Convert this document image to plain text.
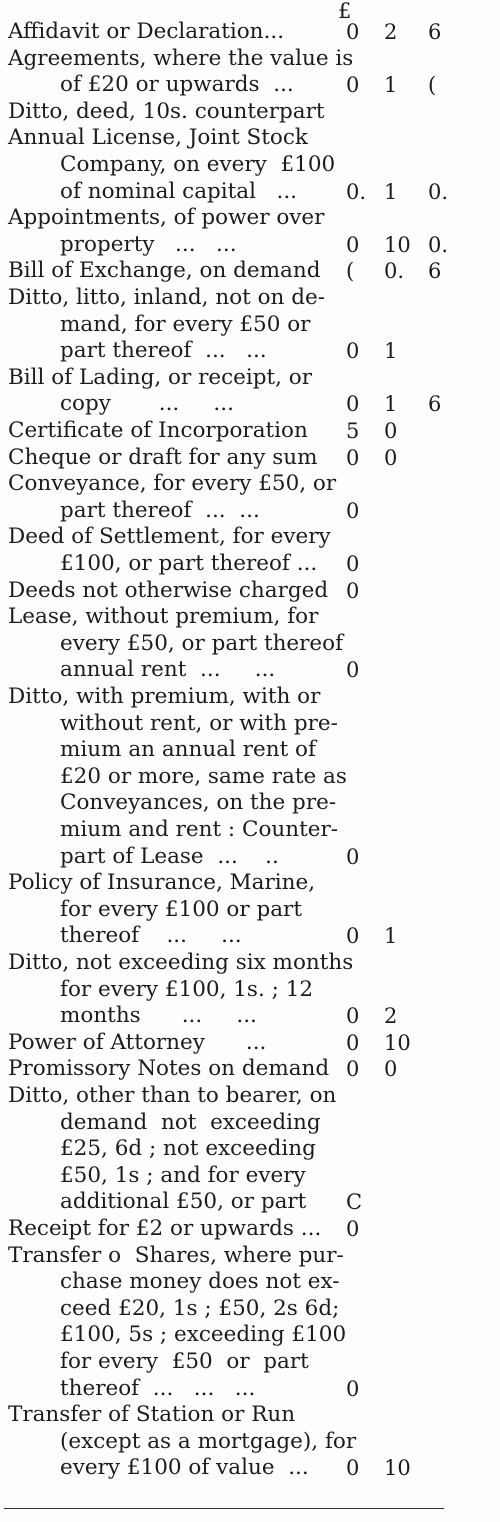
£
Affidavit or Declaration...	0 2 6
Agreements, where the value is
of £20 or upwards  ... 0 1 (
Ditto, deed, 10s. counterpart
Annual License, Joint Stock
Company, on every  £100
of nominal capital   ... 0. 1 0.
Appointments, of power over
property   ...   ...	0 10 0.
Bill of Exchange, on demand ( 0. 6
Ditto, litto, inland, not on de-
mand, for every £50 or
part thereof  ...   ...	0 1
Bill of Lading, or receipt, or
copy       ...     ...	0 1 6
Certificate of Incorporation 5 0
Cheque or draft for any sum 0 0
Conveyance, for every £50, or
part thereof  ...  ...	0
Deed of Settlement, for every
£100, or part thereof ... 0
Deeds not otherwise charged 0
Lease, without premium, for
every £50, or part thereof
annual rent  ...     ...	0
Ditto, with premium, with or
without rent, or with pre-
mium an annual rent of
£20 or more, same rate as
Conveyances, on the pre-
mium and rent : Counter-
part of Lease  ...    ..	0
Policy of Insurance, Marine,
for every £100 or part
thereof    ...     ...	0 1
Ditto, not exceeding six months
for every £100, 1s. ; 12
months      ...     ...	0 2
Power of Attorney      ...	0 10
Promissory Notes on demand 0 0
Ditto, other than to bearer, on
demand  not  exceeding
£25, 6d ; not exceeding
£50, 1s ; and for every
additional £50, or part C
Receipt for £2 or upwards ... 0
Transfer o  Shares, where pur-
chase money does not ex-
ceed £20, 1s ; £50, 2s 6d;
£100, 5s ; exceeding £100
for every  £50  or  part
thereof  ...   ...   ...	0
Transfer of Station or Run
(except as a mortgage), for
every £100 of value  ... 0 10
